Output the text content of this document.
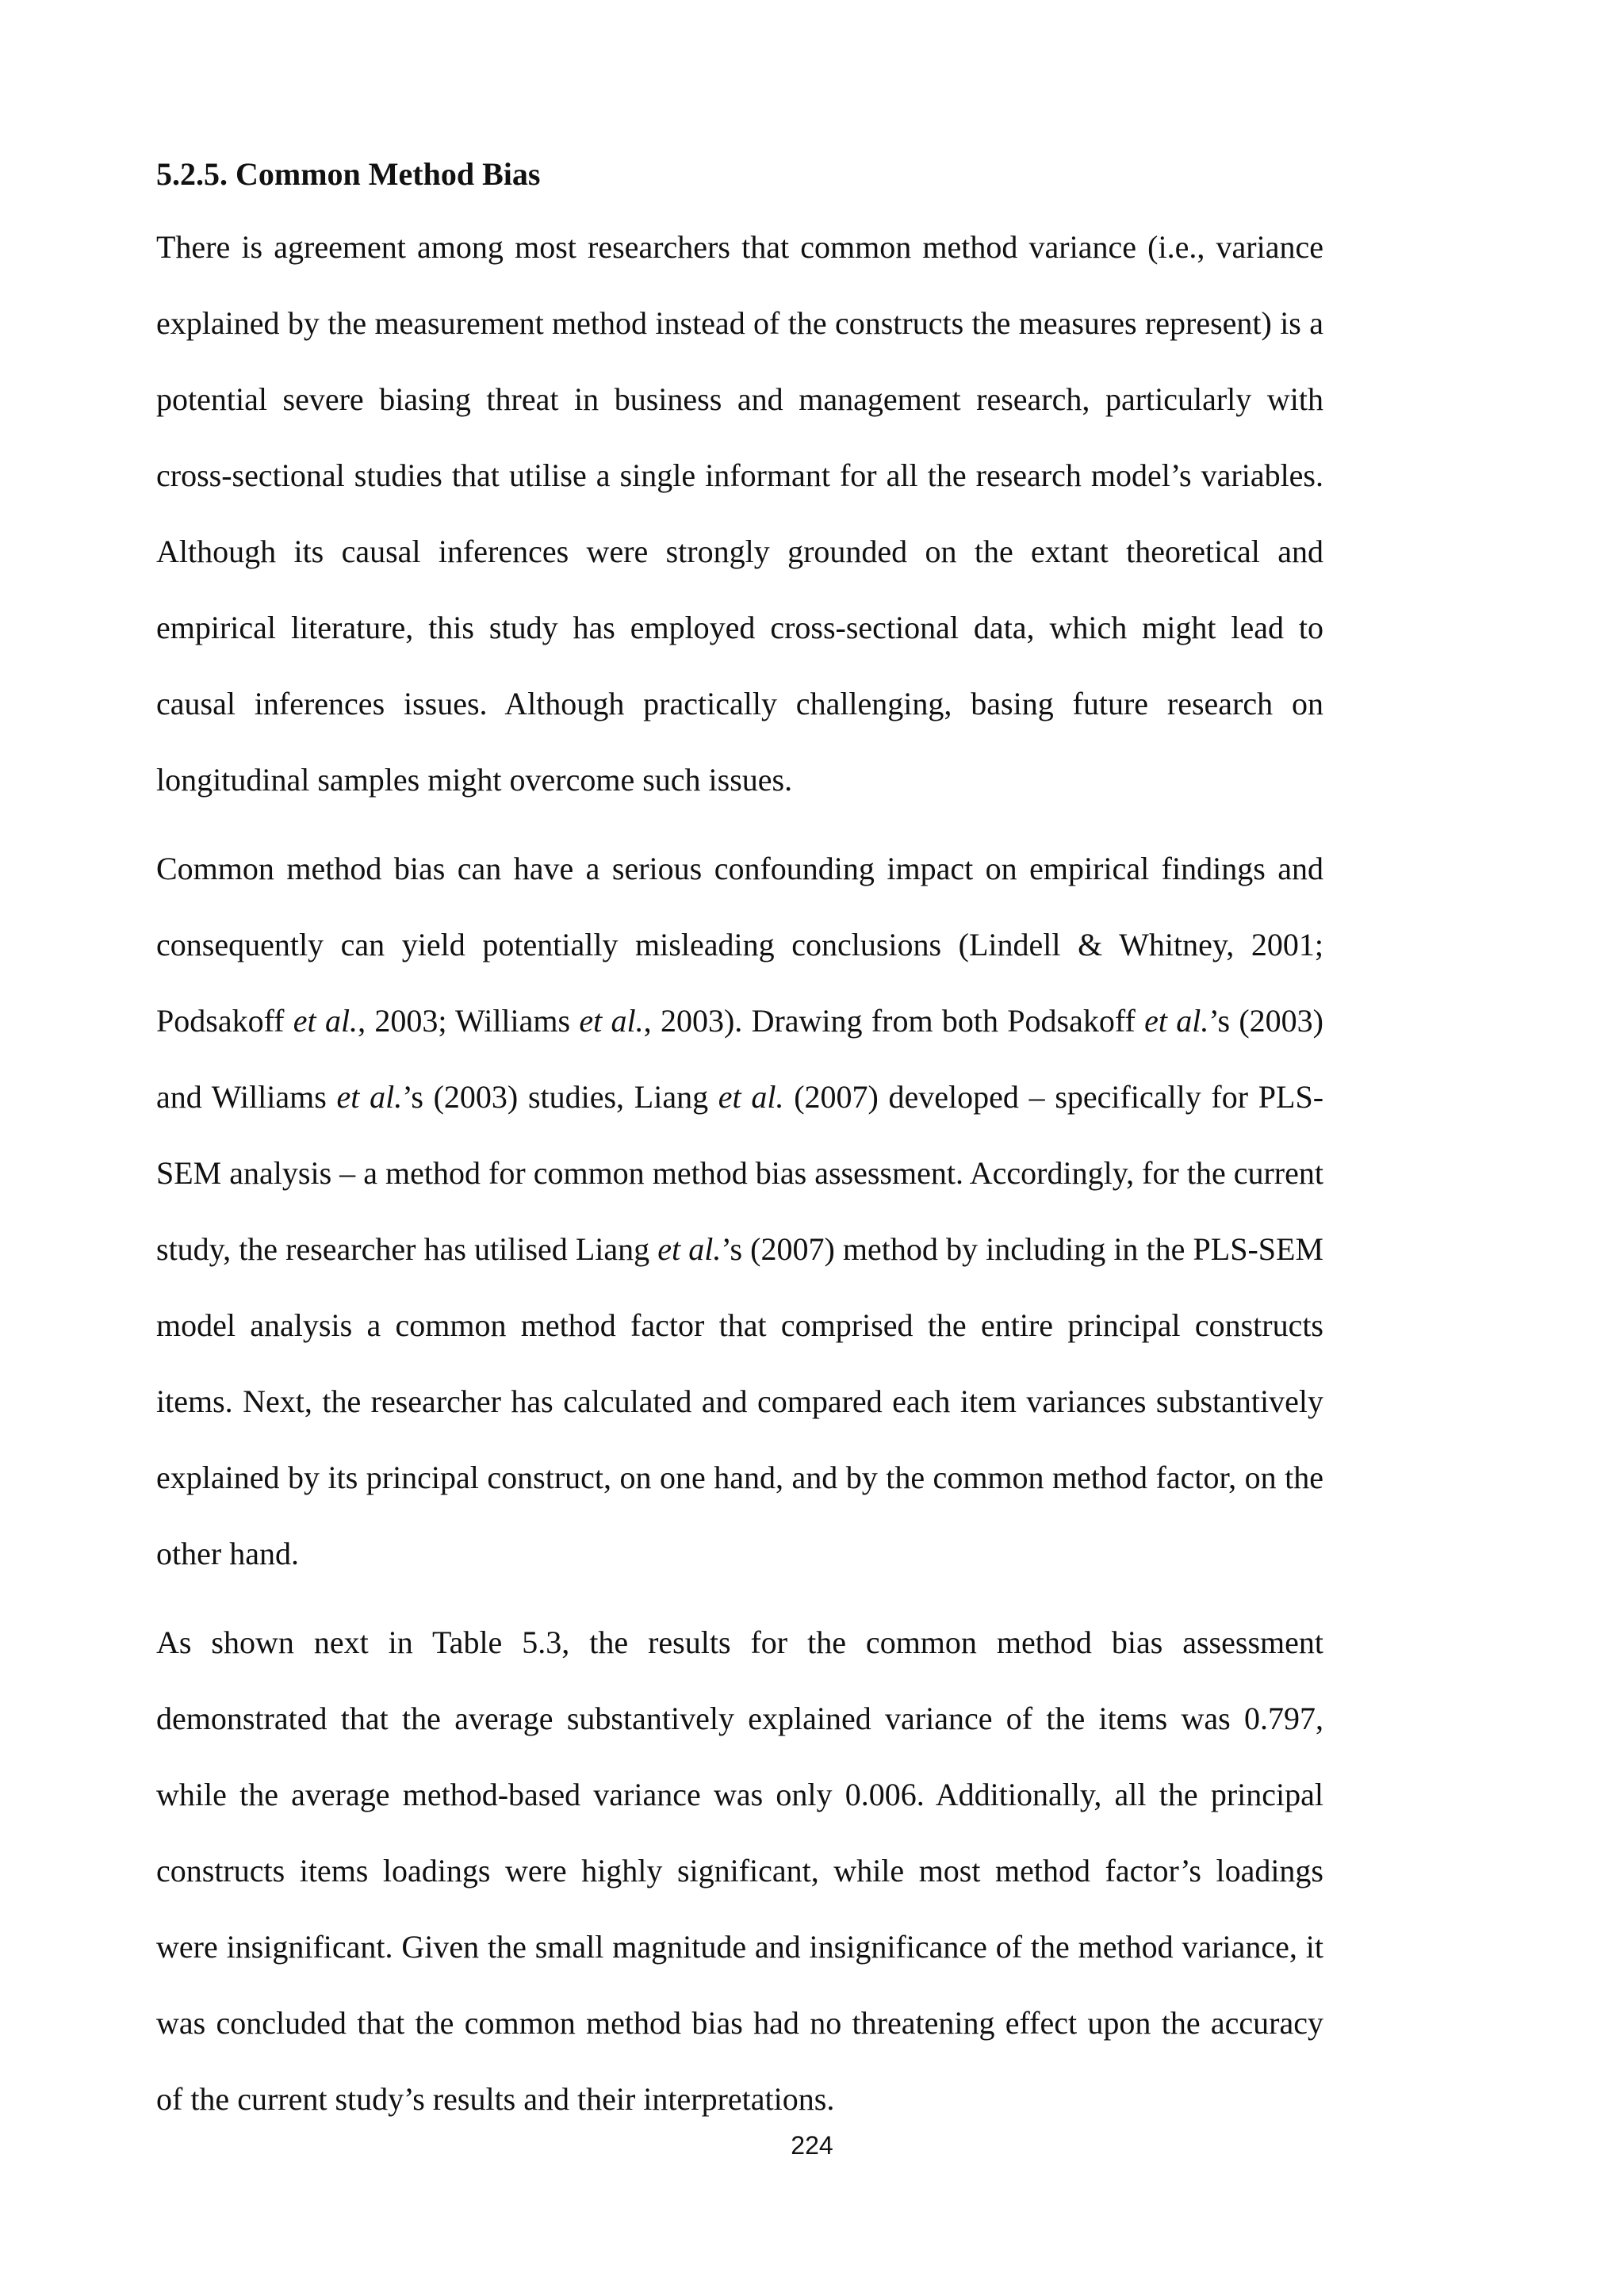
5.2.5. Common Method Bias

There is agreement among most researchers that common method variance (i.e., variance explained by the measurement method instead of the constructs the measures represent) is a potential severe biasing threat in business and management research, particularly with cross-sectional studies that utilise a single informant for all the research model’s variables. Although its causal inferences were strongly grounded on the extant theoretical and empirical literature, this study has employed cross-sectional data, which might lead to causal inferences issues. Although practically challenging, basing future research on longitudinal samples might overcome such issues.

Common method bias can have a serious confounding impact on empirical findings and consequently can yield potentially misleading conclusions (Lindell & Whitney, 2001; Podsakoff et al., 2003; Williams et al., 2003). Drawing from both Podsakoff et al.’s (2003) and Williams et al.’s (2003) studies, Liang et al. (2007) developed – specifically for PLS-SEM analysis – a method for common method bias assessment. Accordingly, for the current study, the researcher has utilised Liang et al.’s (2007) method by including in the PLS-SEM model analysis a common method factor that comprised the entire principal constructs items. Next, the researcher has calculated and compared each item variances substantively explained by its principal construct, on one hand, and by the common method factor, on the other hand.

As shown next in Table 5.3, the results for the common method bias assessment demonstrated that the average substantively explained variance of the items was 0.797, while the average method-based variance was only 0.006. Additionally, all the principal constructs items loadings were highly significant, while most method factor’s loadings were insignificant. Given the small magnitude and insignificance of the method variance, it was concluded that the common method bias had no threatening effect upon the accuracy of the current study’s results and their interpretations.

224
